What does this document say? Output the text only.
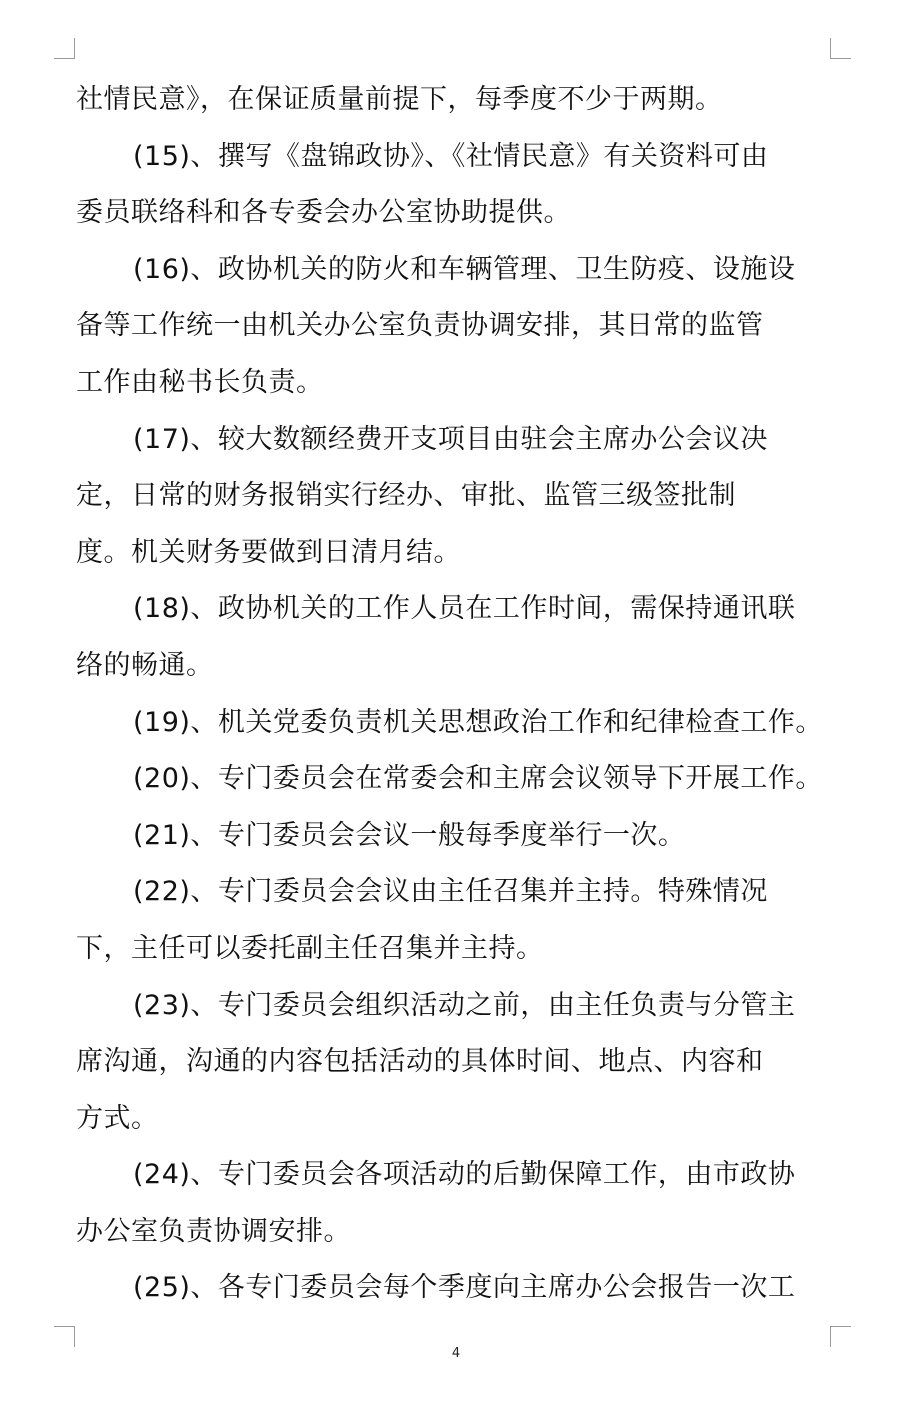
社情民意》，在保证质量前提下，每季度不少于两期。
(15)、撰写《盘锦政协》、《社情民意》有关资料可由
委员联络科和各专委会办公室协助提供。
(16)、政协机关的防火和车辆管理、卫生防疫、设施设
备等工作统一由机关办公室负责协调安排，其日常的监管
工作由秘书长负责。
(17)、较大数额经费开支项目由驻会主席办公会议决
定，日常的财务报销实行经办、审批、监管三级签批制
度。机关财务要做到日清月结。
(18)、政协机关的工作人员在工作时间，需保持通讯联
络的畅通。
(19)、机关党委负责机关思想政治工作和纪律检查工作。
(20)、专门委员会在常委会和主席会议领导下开展工作。
(21)、专门委员会会议一般每季度举行一次。
(22)、专门委员会会议由主任召集并主持。特殊情况
下，主任可以委托副主任召集并主持。
(23)、专门委员会组织活动之前，由主任负责与分管主
席沟通，沟通的内容包括活动的具体时间、地点、内容和
方式。
(24)、专门委员会各项活动的后勤保障工作，由市政协
办公室负责协调安排。
(25)、各专门委员会每个季度向主席办公会报告一次工
4
